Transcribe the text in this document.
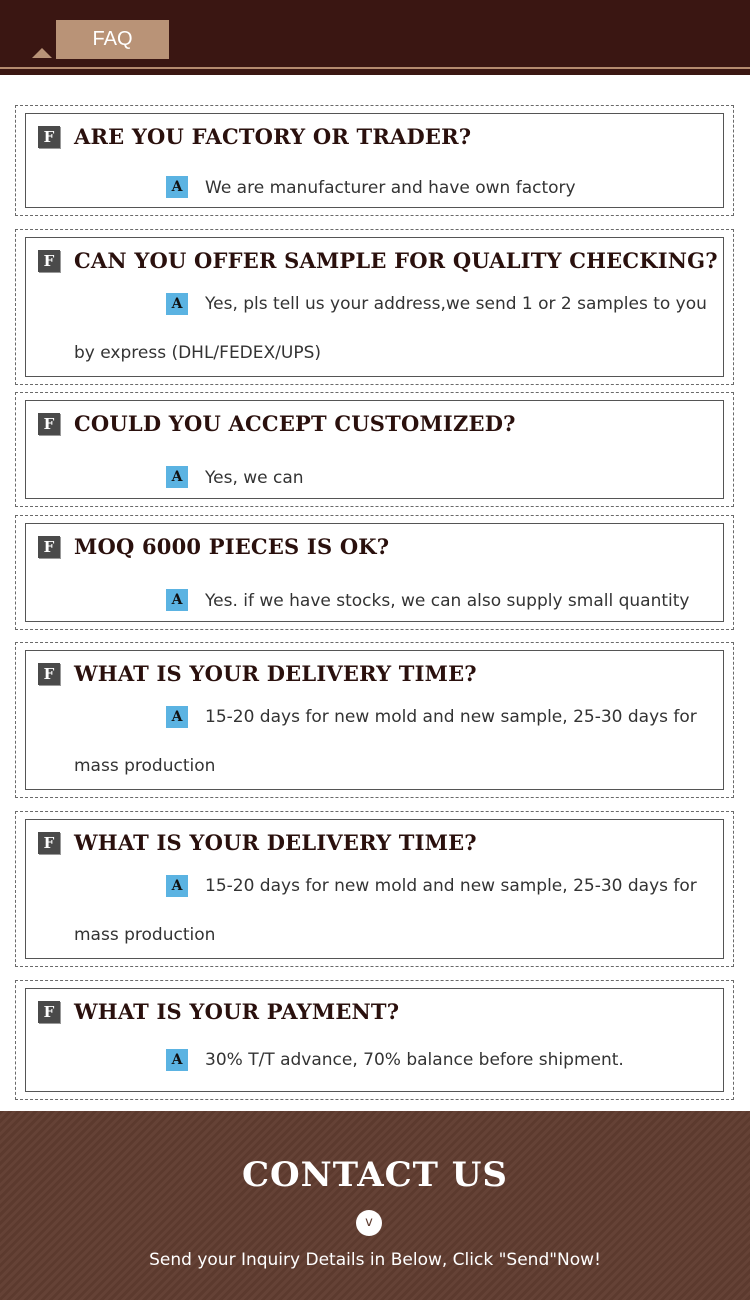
FAQ
F ARE YOU FACTORY OR TRADER?
A	We are manufacturer and have own factory
F CAN YOU OFFER SAMPLE FOR QUALITY CHECKING?
A	Yes, pls tell us your address,we send 1 or 2 samples to you by express (DHL/FEDEX/UPS)
F COULD YOU ACCEPT CUSTOMIZED?
A	Yes, we can
F MOQ 6000 PIECES IS OK?
A	Yes. if we have stocks, we can also supply small quantity
F WHAT IS YOUR DELIVERY TIME?
A	15-20 days for new mold and new sample, 25-30 days for mass production
F WHAT IS YOUR DELIVERY TIME?
A	15-20 days for new mold and new sample, 25-30 days for mass production
F WHAT IS YOUR PAYMENT?
A	30% T/T advance, 70% balance before shipment.
CONTACT US
v
Send your Inquiry Details in Below, Click "Send"Now!
